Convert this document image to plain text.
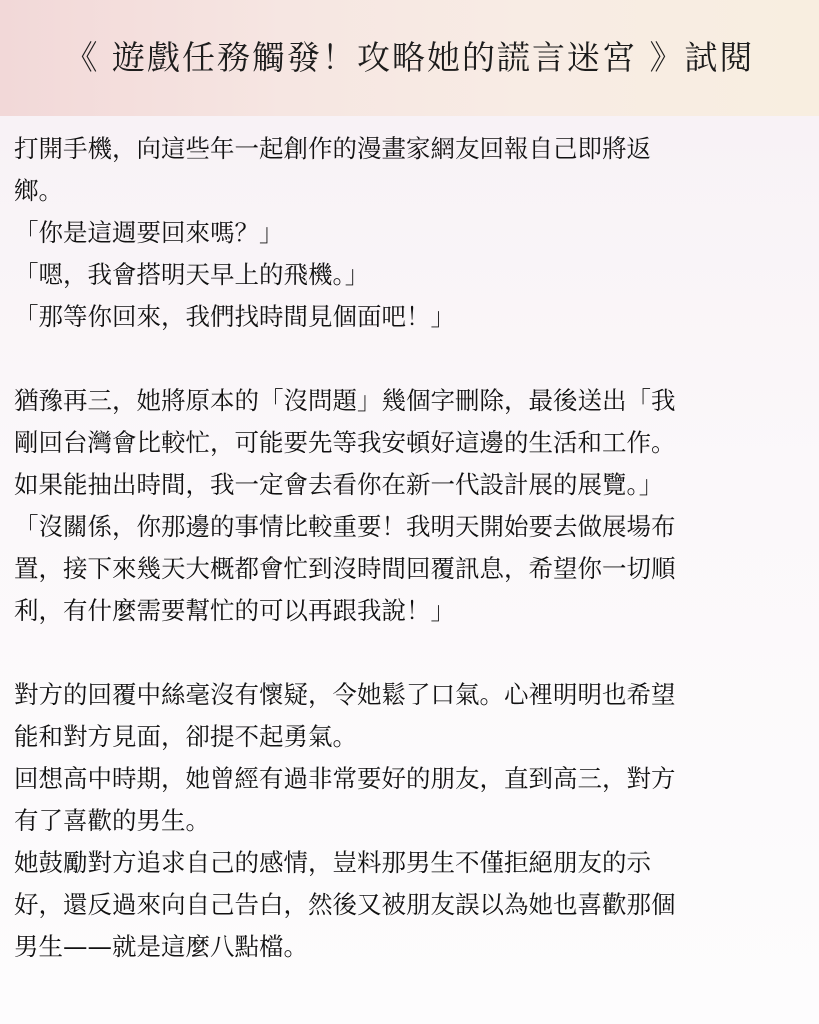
《 遊戲任務觸發！攻略她的謊言迷宮 》試閱
打開手機，向這些年一起創作的漫畫家網友回報自己即將返
鄉。
「你是這週要回來嗎？」
「嗯，我會搭明天早上的飛機。」
「那等你回來，我們找時間見個面吧！」
猶豫再三，她將原本的「沒問題」幾個字刪除，最後送出「我
剛回台灣會比較忙，可能要先等我安頓好這邊的生活和工作。
如果能抽出時間，我一定會去看你在新一代設計展的展覽。」
「沒關係，你那邊的事情比較重要！我明天開始要去做展場布
置，接下來幾天大概都會忙到沒時間回覆訊息，希望你一切順
利，有什麼需要幫忙的可以再跟我說！」
對方的回覆中絲毫沒有懷疑，令她鬆了口氣。心裡明明也希望
能和對方見面，卻提不起勇氣。
回想高中時期，她曾經有過非常要好的朋友，直到高三，對方
有了喜歡的男生。
她鼓勵對方追求自己的感情，豈料那男生不僅拒絕朋友的示
好，還反過來向自己告白，然後又被朋友誤以為她也喜歡那個
男生——就是這麼八點檔。
